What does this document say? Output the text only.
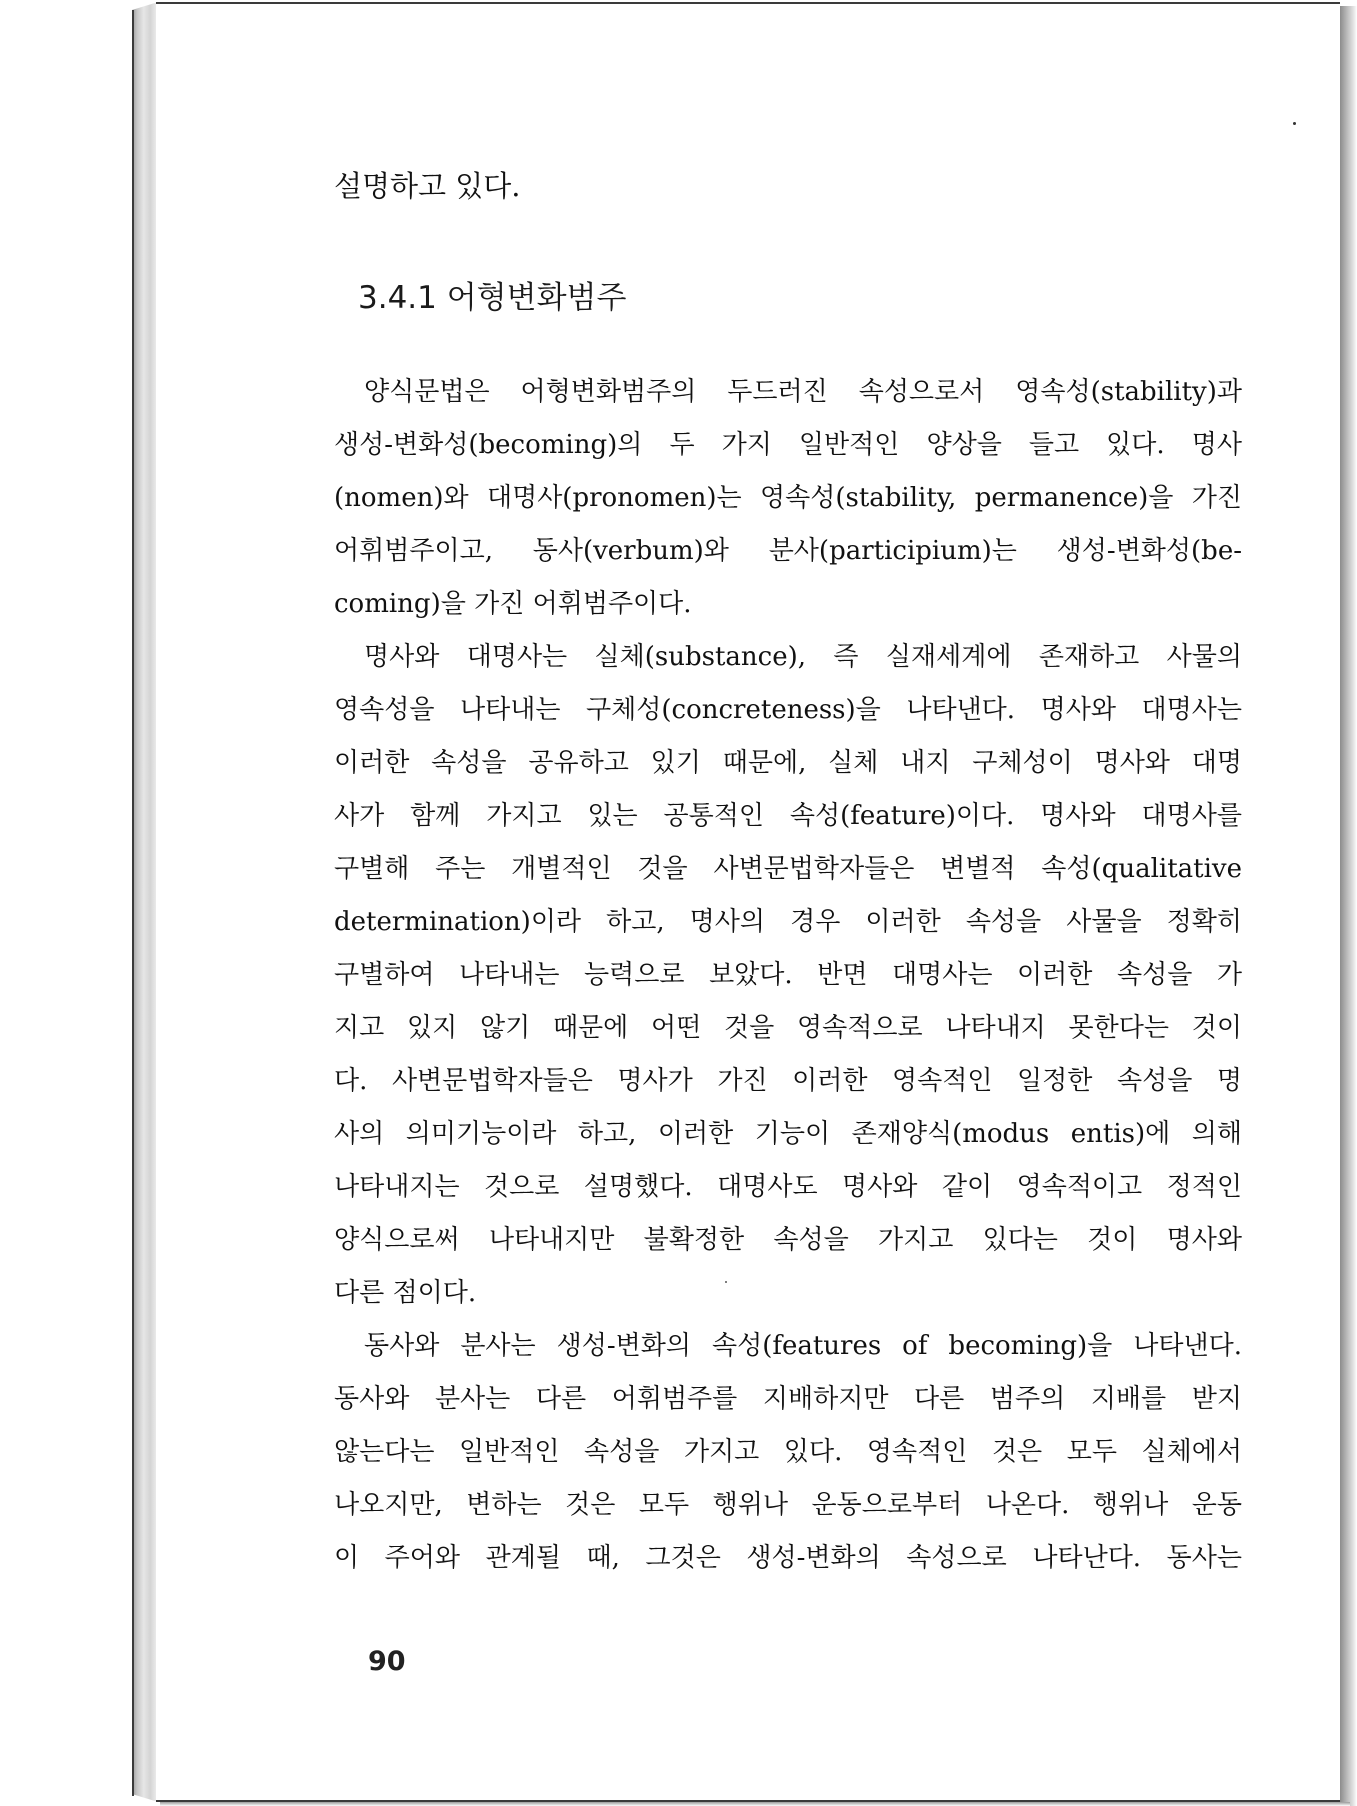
설명하고 있다.

3.4.1 어형변화범주

양식문법은 어형변화범주의 두드러진 속성으로서 영속성(stability)과
생성-변화성(becoming)의 두 가지 일반적인 양상을 들고 있다. 명사
(nomen)와 대명사(pronomen)는 영속성(stability, permanence)을 가진
어휘범주이고, 동사(verbum)와 분사(participium)는 생성-변화성(be-
coming)을 가진 어휘범주이다.
명사와 대명사는 실체(substance), 즉 실재세계에 존재하고 사물의
영속성을 나타내는 구체성(concreteness)을 나타낸다. 명사와 대명사는
이러한 속성을 공유하고 있기 때문에, 실체 내지 구체성이 명사와 대명
사가 함께 가지고 있는 공통적인 속성(feature)이다. 명사와 대명사를
구별해 주는 개별적인 것을 사변문법학자들은 변별적 속성(qualitative
determination)이라 하고, 명사의 경우 이러한 속성을 사물을 정확히
구별하여 나타내는 능력으로 보았다. 반면 대명사는 이러한 속성을 가
지고 있지 않기 때문에 어떤 것을 영속적으로 나타내지 못한다는 것이
다. 사변문법학자들은 명사가 가진 이러한 영속적인 일정한 속성을 명
사의 의미기능이라 하고, 이러한 기능이 존재양식(modus entis)에 의해
나타내지는 것으로 설명했다. 대명사도 명사와 같이 영속적이고 정적인
양식으로써 나타내지만 불확정한 속성을 가지고 있다는 것이 명사와
다른 점이다.
동사와 분사는 생성-변화의 속성(features of becoming)을 나타낸다.
동사와 분사는 다른 어휘범주를 지배하지만 다른 범주의 지배를 받지
않는다는 일반적인 속성을 가지고 있다. 영속적인 것은 모두 실체에서
나오지만, 변하는 것은 모두 행위나 운동으로부터 나온다. 행위나 운동
이 주어와 관계될 때, 그것은 생성-변화의 속성으로 나타난다. 동사는

90
